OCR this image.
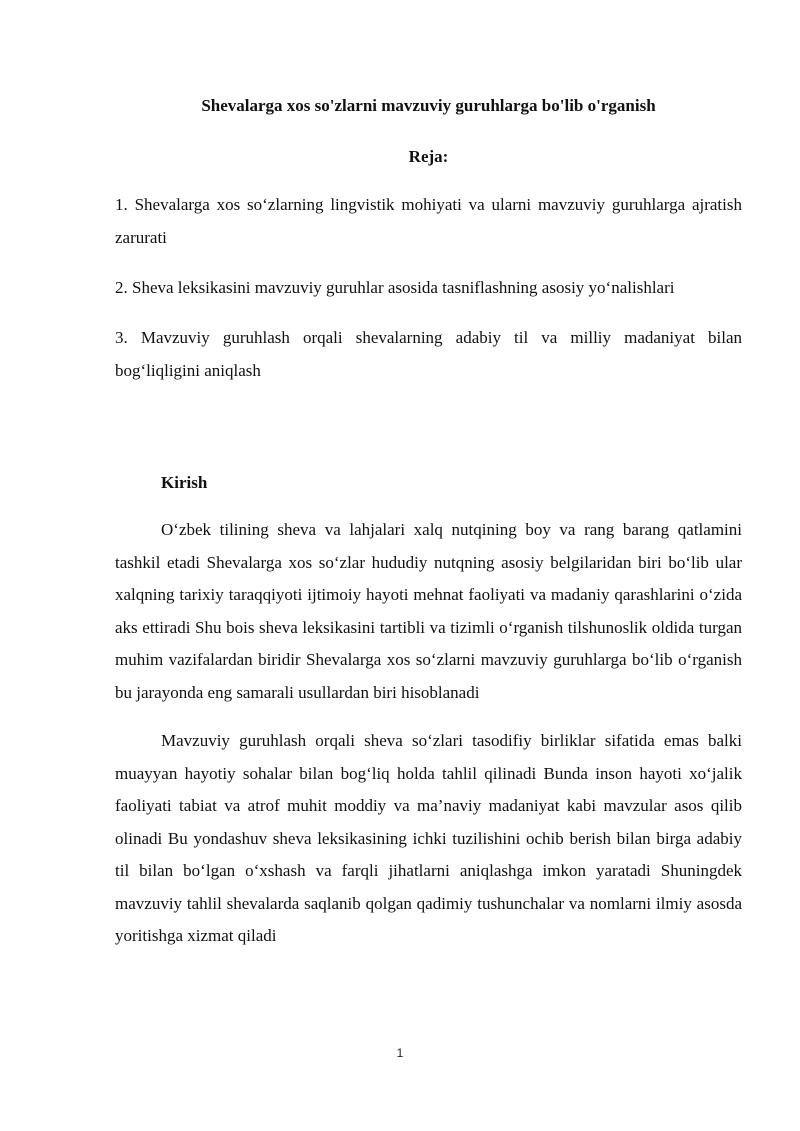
Shevalarga xos so'zlarni mavzuviy guruhlarga bo'lib o'rganish

Reja:

1. Shevalarga xos so‘zlarning lingvistik mohiyati va ularni mavzuviy guruhlarga ajratish zarurati

2. Sheva leksikasini mavzuviy guruhlar asosida tasniflashning asosiy yo‘nalishlari

3. Mavzuviy guruhlash orqali shevalarning adabiy til va milliy madaniyat bilan bog‘liqligini aniqlash

Kirish

O‘zbek tilining sheva va lahjalari xalq nutqining boy va rang barang qatlamini tashkil etadi Shevalarga xos so‘zlar hududiy nutqning asosiy belgilaridan biri bo‘lib ular xalqning tarixiy taraqqiyoti ijtimoiy hayoti mehnat faoliyati va madaniy qarashlarini o‘zida aks ettiradi Shu bois sheva leksikasini tartibli va tizimli o‘rganish tilshunoslik oldida turgan muhim vazifalardan biridir Shevalarga xos so‘zlarni mavzuviy guruhlarga bo‘lib o‘rganish bu jarayonda eng samarali usullardan biri hisoblanadi

Mavzuviy guruhlash orqali sheva so‘zlari tasodifiy birliklar sifatida emas balki muayyan hayotiy sohalar bilan bog‘liq holda tahlil qilinadi Bunda inson hayoti xo‘jalik faoliyati tabiat va atrof muhit moddiy va ma’naviy madaniyat kabi mavzular asos qilib olinadi Bu yondashuv sheva leksikasining ichki tuzilishini ochib berish bilan birga adabiy til bilan bo‘lgan o‘xshash va farqli jihatlarni aniqlashga imkon yaratadi Shuningdek mavzuviy tahlil shevalarda saqlanib qolgan qadimiy tushunchalar va nomlarni ilmiy asosda yoritishga xizmat qiladi

1
